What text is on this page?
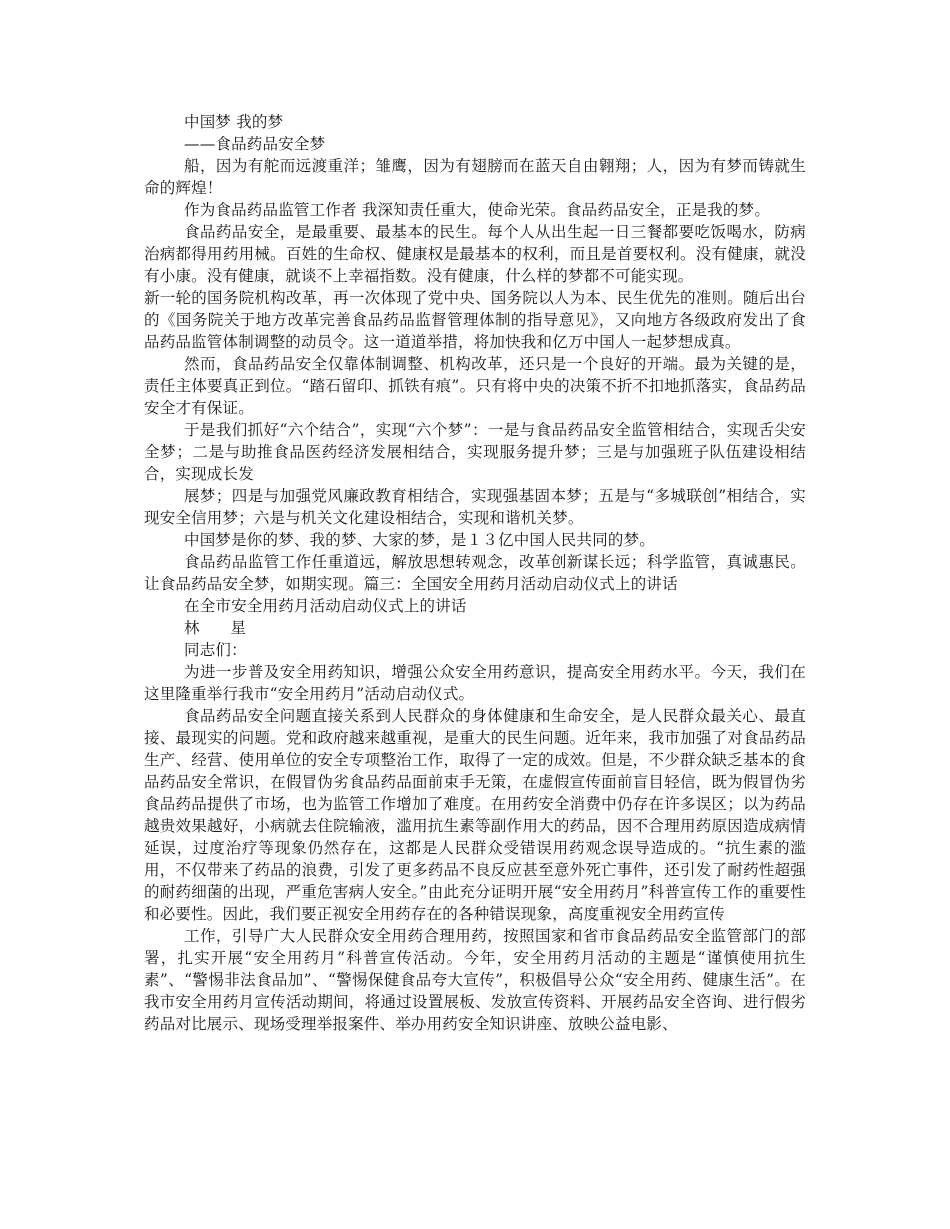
中国梦 我的梦

——食品药品安全梦

船，因为有舵而远渡重洋；雏鹰，因为有翅膀而在蓝天自由翱翔；人，因为有梦而铸就生命的辉煌！

作为食品药品监管工作者 我深知责任重大，使命光荣。食品药品安全，正是我的梦。

食品药品安全，是最重要、最基本的民生。每个人从出生起一日三餐都要吃饭喝水，防病治病都得用药用械。百姓的生命权、健康权是最基本的权利，而且是首要权利。没有健康，就没有小康。没有健康，就谈不上幸福指数。没有健康，什么样的梦都不可能实现。

新一轮的国务院机构改革，再一次体现了党中央、国务院以人为本、民生优先的准则。随后出台的《国务院关于地方改革完善食品药品监督管理体制的指导意见》，又向地方各级政府发出了食品药品监管体制调整的动员令。这一道道举措，将加快我和亿万中国人一起梦想成真。

然而，食品药品安全仅靠体制调整、机构改革，还只是一个良好的开端。最为关键的是，责任主体要真正到位。“踏石留印、抓铁有痕”。只有将中央的决策不折不扣地抓落实，食品药品安全才有保证。

于是我们抓好“六个结合”，实现“六个梦”：一是与食品药品安全监管相结合，实现舌尖安全梦；二是与助推食品医药经济发展相结合，实现服务提升梦；三是与加强班子队伍建设相结合，实现成长发

展梦；四是与加强党风廉政教育相结合，实现强基固本梦；五是与“多城联创”相结合，实现安全信用梦；六是与机关文化建设相结合，实现和谐机关梦。

中国梦是你的梦、我的梦、大家的梦，是１３亿中国人民共同的梦。

食品药品监管工作任重道远，解放思想转观念，改革创新谋长远；科学监管，真诚惠民。让食品药品安全梦，如期实现。篇三：全国安全用药月活动启动仪式上的讲话

在全市安全用药月活动启动仪式上的讲话

林      星

同志们：

为进一步普及安全用药知识，增强公众安全用药意识，提高安全用药水平。今天，我们在这里隆重举行我市“安全用药月”活动启动仪式。

食品药品安全问题直接关系到人民群众的身体健康和生命安全，是人民群众最关心、最直接、最现实的问题。党和政府越来越重视，是重大的民生问题。近年来，我市加强了对食品药品生产、经营、使用单位的安全专项整治工作，取得了一定的成效。但是，不少群众缺乏基本的食品药品安全常识，在假冒伪劣食品药品面前束手无策，在虚假宣传面前盲目轻信，既为假冒伪劣食品药品提供了市场，也为监管工作增加了难度。在用药安全消费中仍存在许多误区；以为药品越贵效果越好，小病就去住院输液，滥用抗生素等副作用大的药品，因不合理用药原因造成病情延误，过度治疗等现象仍然存在，这都是人民群众受错误用药观念误导造成的。“抗生素的滥用，不仅带来了药品的浪费，引发了更多药品不良反应甚至意外死亡事件，还引发了耐药性超强的耐药细菌的出现，严重危害病人安全。”由此充分证明开展“安全用药月”科普宣传工作的重要性和必要性。因此，我们要正视安全用药存在的各种错误现象，高度重视安全用药宣传

工作，引导广大人民群众安全用药合理用药，按照国家和省市食品药品安全监管部门的部署，扎实开展“安全用药月”科普宣传活动。今年，安全用药月活动的主题是“谨慎使用抗生素”、“警惕非法食品加”、“警惕保健食品夸大宣传”，积极倡导公众“安全用药、健康生活”。在我市安全用药月宣传活动期间，将通过设置展板、发放宣传资料、开展药品安全咨询、进行假劣药品对比展示、现场受理举报案件、举办用药安全知识讲座、放映公益电影、
